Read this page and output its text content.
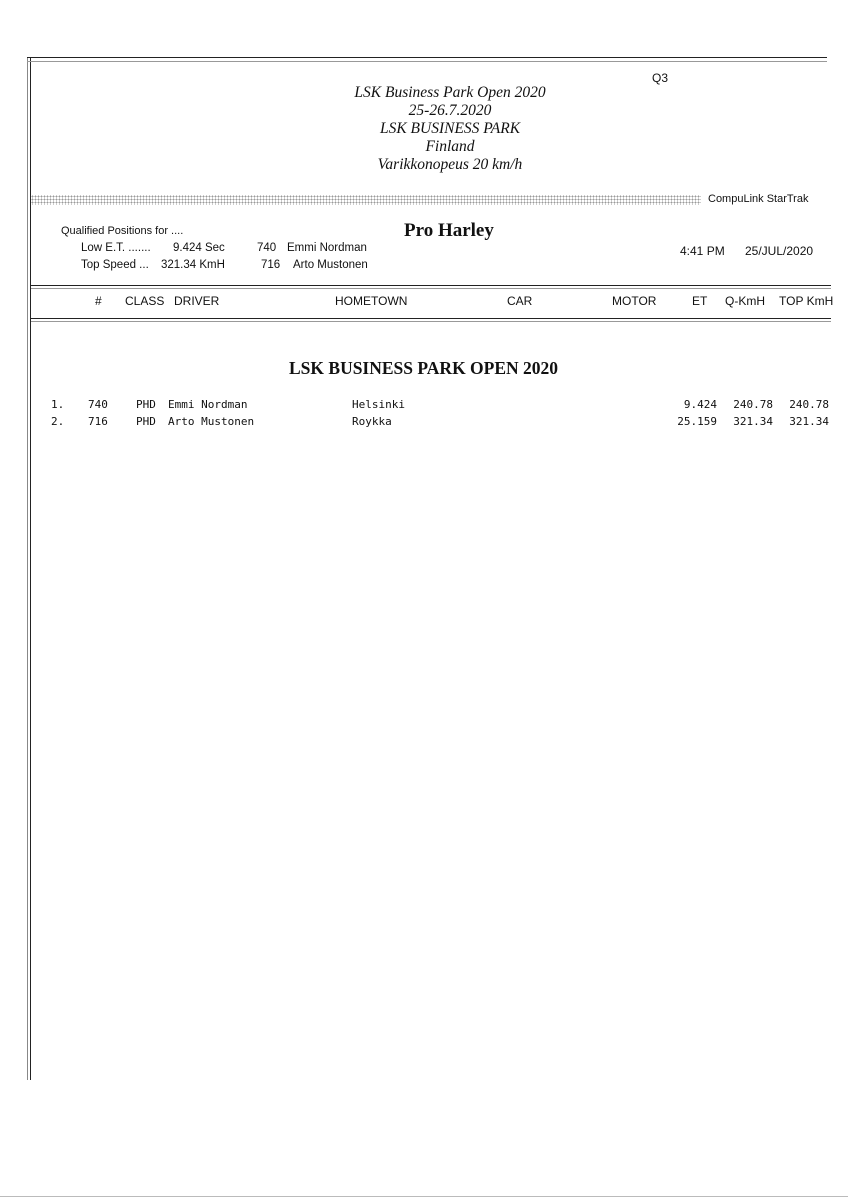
Q3
LSK Business Park Open 2020
25-26.7.2020
LSK BUSINESS PARK
Finland
Varikkonopeus 20 km/h
CompuLink StarTrak
Qualified Positions for ....	Pro Harley
Low E.T. ....... 9.424 Sec	740 Emmi Nordman
Top Speed ... 321.34 KmH	716 Arto Mustonen
4:41 PM 25/JUL/2020
# CLASS DRIVER	HOMETOWN	CAR	MOTOR	ET Q-KmH TOP KmH
LSK BUSINESS PARK OPEN 2020
1. 740	PHD Emmi Nordman	Helsinki	9.424 240.78 240.78
2. 716	PHD Arto Mustonen	Roykka	25.159 321.34 321.34
